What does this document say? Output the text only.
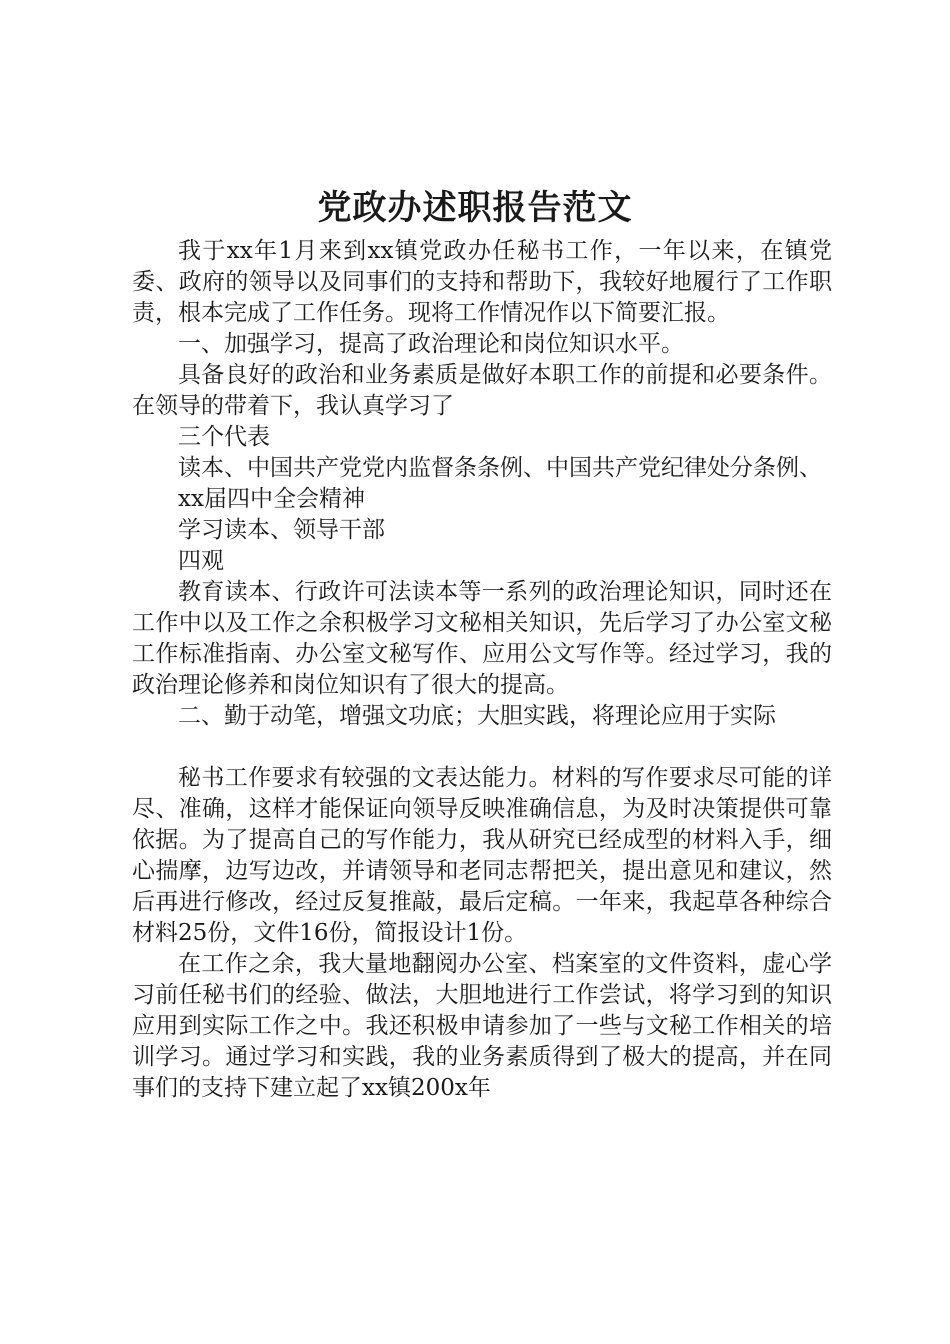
党政办述职报告范文

我于xx年1月来到xx镇党政办任秘书工作，一年以来，在镇党委、政府的领导以及同事们的支持和帮助下，我较好地履行了工作职责，根本完成了工作任务。现将工作情况作以下简要汇报。

一、加强学习，提高了政治理论和岗位知识水平。

具备良好的政治和业务素质是做好本职工作的前提和必要条件。在领导的带着下，我认真学习了

三个代表

读本、中国共产党党内监督条条例、中国共产党纪律处分条例、

xx届四中全会精神

学习读本、领导干部

四观

教育读本、行政许可法读本等一系列的政治理论知识，同时还在工作中以及工作之余积极学习文秘相关知识，先后学习了办公室文秘工作标准指南、办公室文秘写作、应用公文写作等。经过学习，我的政治理论修养和岗位知识有了很大的提高。

二、勤于动笔，增强文功底；大胆实践，将理论应用于实际

秘书工作要求有较强的文表达能力。材料的写作要求尽可能的详尽、准确，这样才能保证向领导反映准确信息，为及时决策提供可靠依据。为了提高自己的写作能力，我从研究已经成型的材料入手，细心揣摩，边写边改，并请领导和老同志帮把关，提出意见和建议，然后再进行修改，经过反复推敲，最后定稿。一年来，我起草各种综合材料25份，文件16份，简报设计1份。

在工作之余，我大量地翻阅办公室、档案室的文件资料，虚心学习前任秘书们的经验、做法，大胆地进行工作尝试，将学习到的知识应用到实际工作之中。我还积极申请参加了一些与文秘工作相关的培训学习。通过学习和实践，我的业务素质得到了极大的提高，并在同事们的支持下建立起了xx镇200x年
